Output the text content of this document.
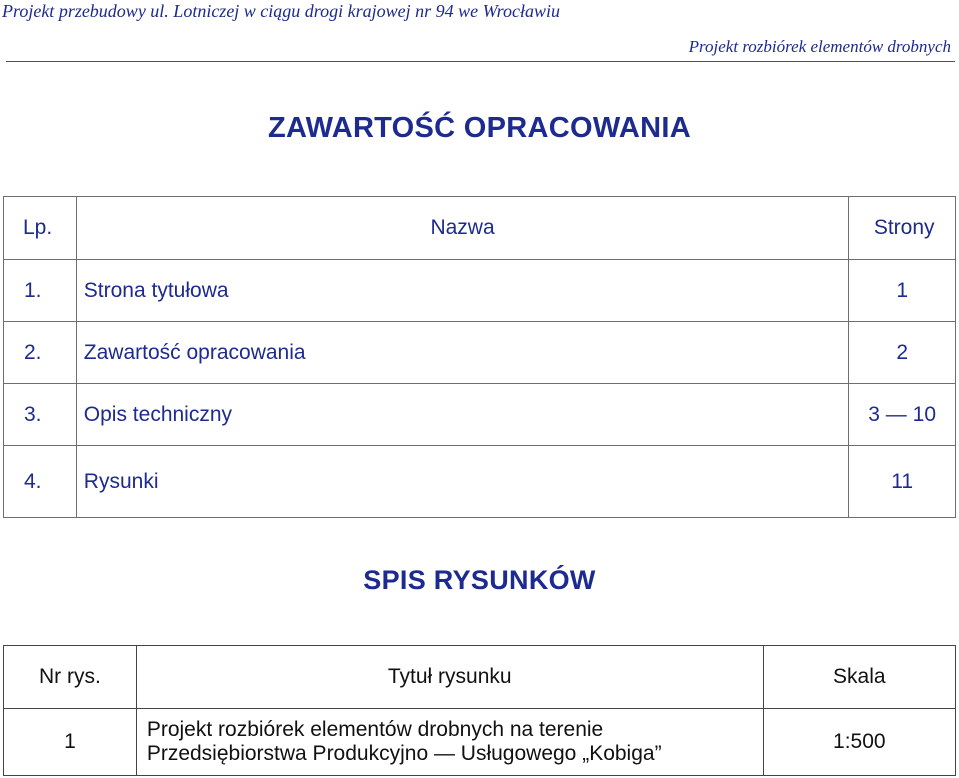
Projekt przebudowy ul. Lotniczej w ciągu drogi krajowej nr 94 we Wrocławiu
Projekt rozbiórek elementów drobnych
ZAWARTOŚĆ OPRACOWANIA
Lp.	Nazwa	Strony
1.	Strona tytułowa	1
2.	Zawartość opracowania	2
3.	Opis techniczny	3 — 10
4.	Rysunki	11
SPIS RYSUNKÓW
Nr rys.	Tytuł rysunku	Skala
1	Projekt rozbiórek elementów drobnych na terenie
Przedsiębiorstwa Produkcyjno — Usługowego „Kobiga”	1:500
